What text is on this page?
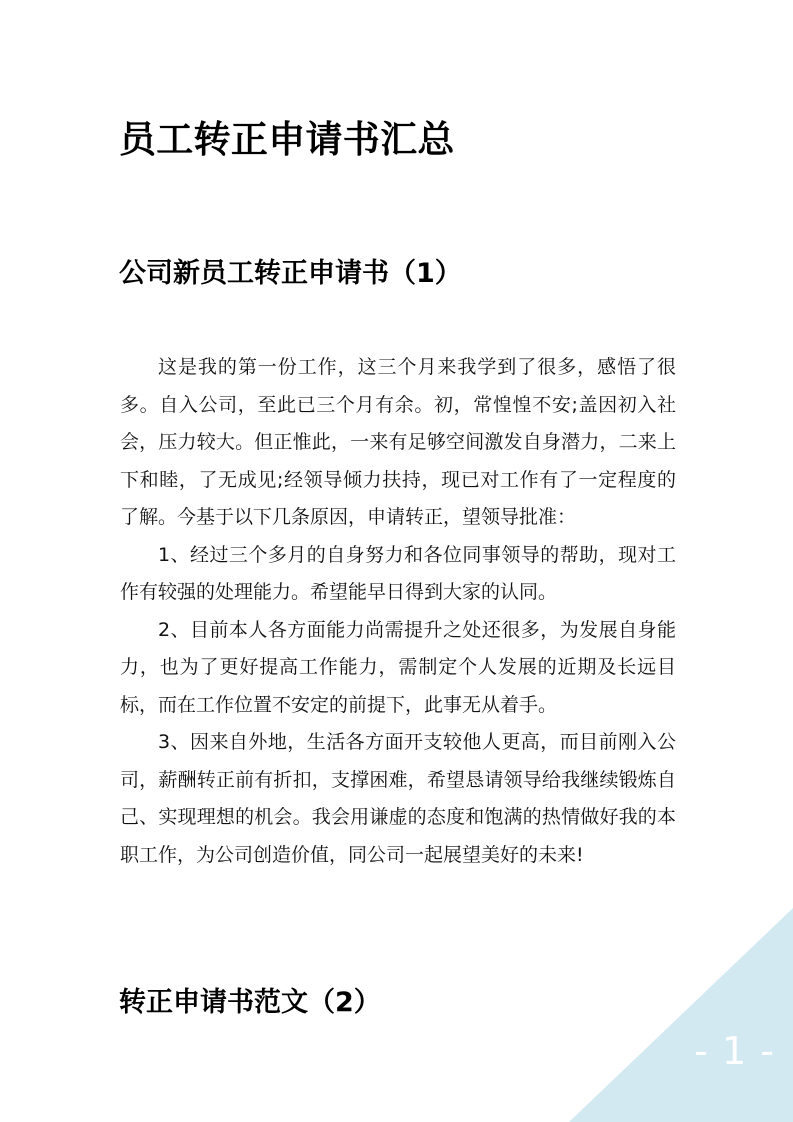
员工转正申请书汇总
公司新员工转正申请书（1）

这是我的第一份工作，这三个月来我学到了很多，感悟了很多。自入公司，至此已三个月有余。初，常惶惶不安;盖因初入社会，压力较大。但正惟此，一来有足够空间激发自身潜力，二来上下和睦，了无成见;经领导倾力扶持，现已对工作有了一定程度的了解。今基于以下几条原因，申请转正，望领导批准：

1、经过三个多月的自身努力和各位同事领导的帮助，现对工作有较强的处理能力。希望能早日得到大家的认同。

2、目前本人各方面能力尚需提升之处还很多，为发展自身能力，也为了更好提高工作能力，需制定个人发展的近期及长远目标，而在工作位置不安定的前提下，此事无从着手。

3、因来自外地，生活各方面开支较他人更高，而目前刚入公司，薪酬转正前有折扣，支撑困难，希望恳请领导给我继续锻炼自己、实现理想的机会。我会用谦虚的态度和饱满的热情做好我的本职工作，为公司创造价值，同公司一起展望美好的未来!

转正申请书范文（2）
- 1 -
